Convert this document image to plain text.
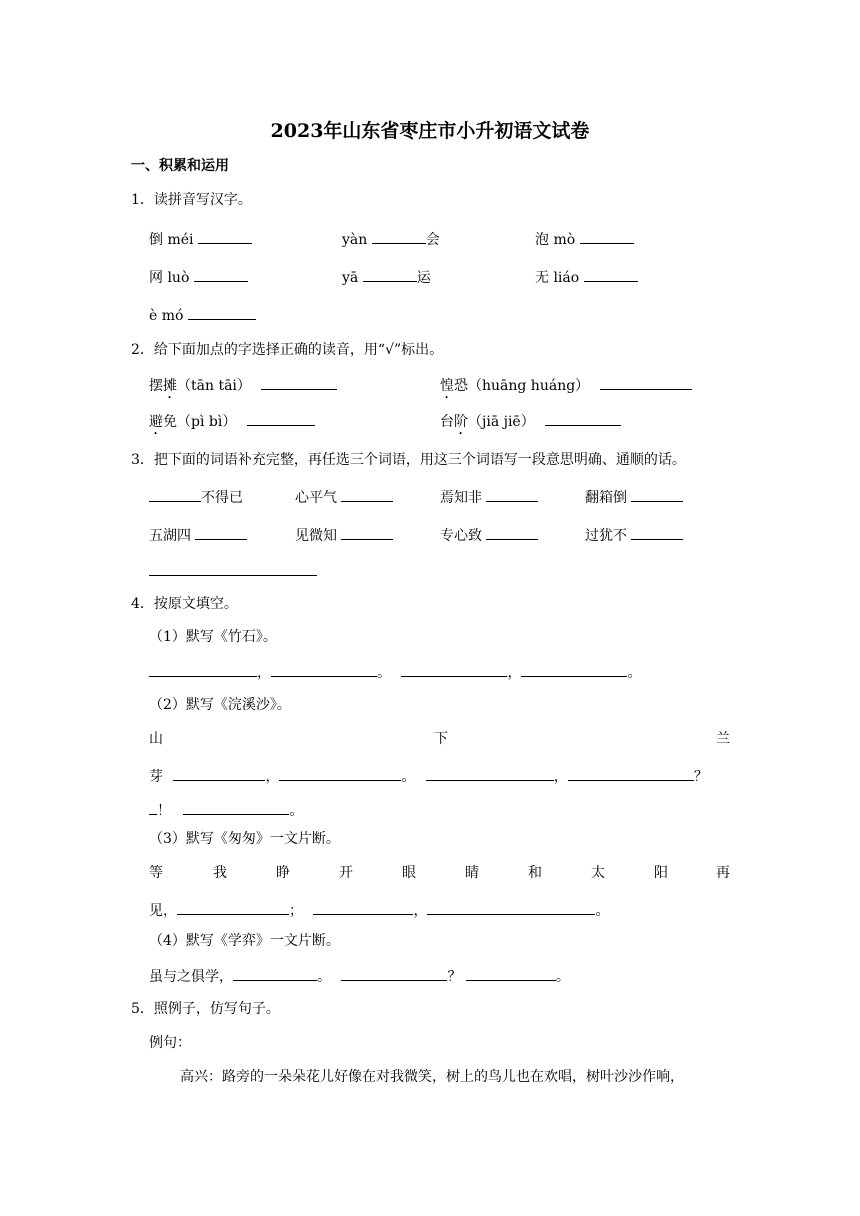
2023年山东省枣庄市小升初语文试卷
一、积累和运用
1．读拼音写汉字。
倒 méi	yàn	会	泡 mò
网 luò	yā	运	无 liáo
è mó
2．给下面加点的字选择正确的读音，用“√”标出。
摆摊（tān tāi）	惶恐（huāng huáng）
避免（pì bì）	台阶（jiā jiē）
3．把下面的词语补充完整，再任选三个词语，用这三个词语写一段意思明确、通顺的话。
不得已	心平气	焉知非	翻箱倒
五湖四	见微知	专心致	过犹不
4．按原文填空。
（1）默写《竹石》。
，	。	，	。
（2）默写《浣溪沙》。
山	下	兰
芽	，	。	，	？
！	。
（3）默写《匆匆》一文片断。
等	我	睁	开	眼	睛	和	太	阳	再
见，	；	，	。
（4）默写《学弈》一文片断。
虽与之俱学，	。	？	。
5．照例子，仿写句子。
例句：
高兴：路旁的一朵朵花儿好像在对我微笑，树上的鸟儿也在欢唱，树叶沙沙作响，
